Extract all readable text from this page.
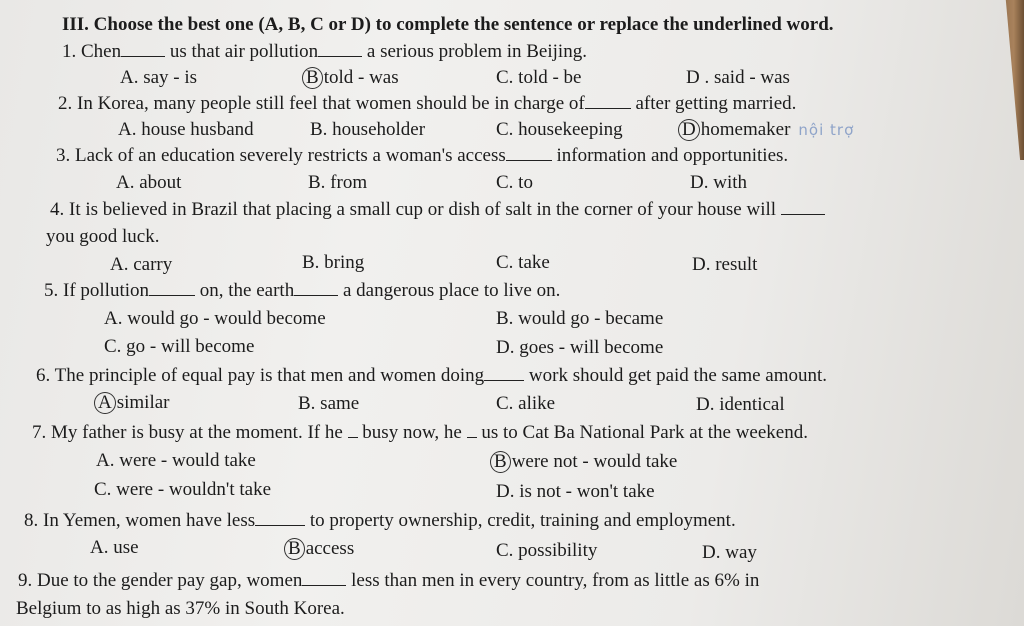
III. Choose the best one (A, B, C or D) to complete the sentence or replace the underlined word.
1. Chen	us that air pollution	a serious problem in Beijing.
A. say - is	B told - was	C. told - be	D . said - was
2. In Korea, many people still feel that women should be in charge of	after getting married.
A. house husband	B. householder	C. housekeeping	D homemaker nội trợ
3. Lack of an education severely restricts a woman's access	information and opportunities.
A. about	B. from	C. to	D. with
4. It is believed in Brazil that placing a small cup or dish of salt in the corner of your house will
you good luck.
A. carry	B. bring	C. take	D. result
5. If pollution	on, the earth	a dangerous place to live on.
A. would go - would become	B. would go - became
C. go - will become	D. goes - will become
6. The principle of equal pay is that men and women doing work should get paid the same amount.
A similar	B. same	C. alike	D. identical
7. My father is busy at the moment. If he busy now, he us to Cat Ba National Park at the weekend.
A. were - would take	B were not - would take
C. were - wouldn't take	D. is not - won't take
8. In Yemen, women have less	to property ownership, credit, training and employment.
A. use	B access	C. possibility	D. way
9. Due to the gender pay gap, women	less than men in every country, from as little as 6% in
Belgium to as high as 37% in South Korea.
